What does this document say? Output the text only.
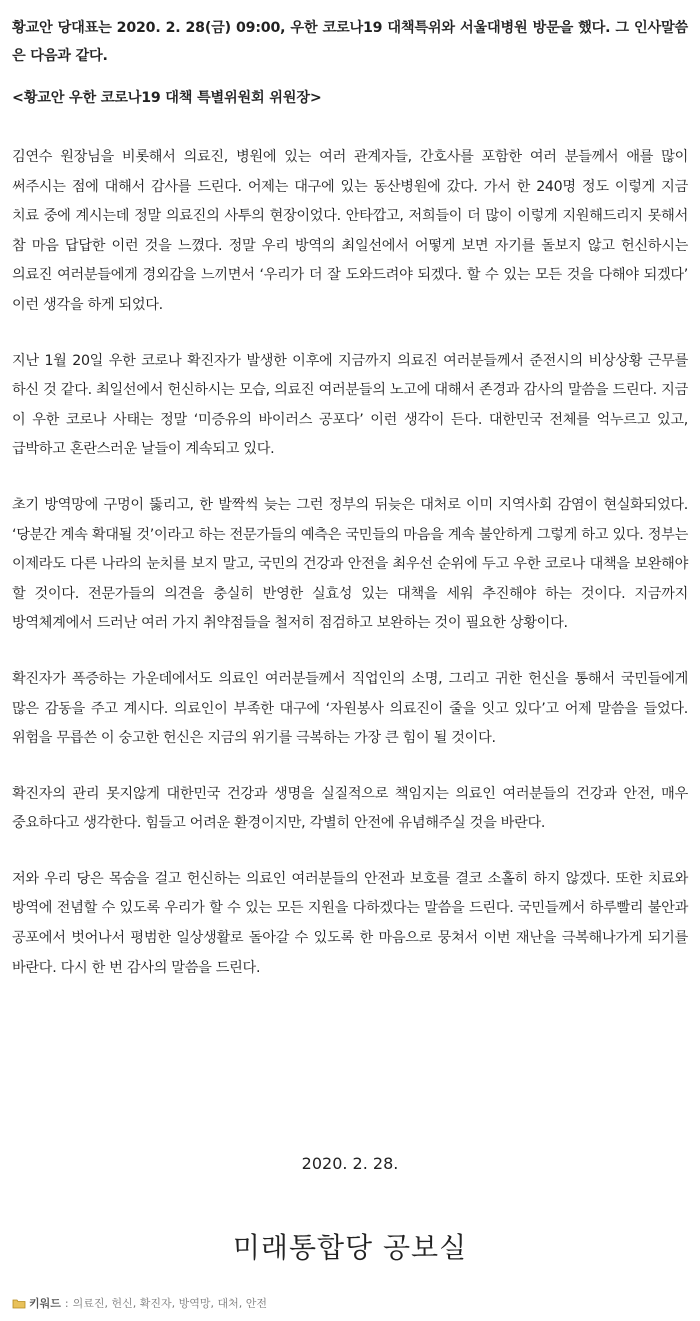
황교안 당대표는 2020. 2. 28(금) 09:00, 우한 코로나19 대책특위와 서울대병원 방문을 했다. 그 인사말씀은 다음과 같다.

<황교안 우한 코로나19 대책 특별위원회 위원장>

김연수 원장님을 비롯해서 의료진, 병원에 있는 여러 관계자들, 간호사를 포함한 여러 분들께서 애를 많이 써주시는 점에 대해서 감사를 드린다. 어제는 대구에 있는 동산병원에 갔다. 가서 한 240명 정도 이렇게 지금 치료 중에 계시는데 정말 의료진의 사투의 현장이었다. 안타깝고, 저희들이 더 많이 이렇게 지원해드리지 못해서 참 마음 답답한 이런 것을 느꼈다. 정말 우리 방역의 최일선에서 어떻게 보면 자기를 돌보지 않고 헌신하시는 의료진 여러분들에게 경외감을 느끼면서 ‘우리가 더 잘 도와드려야 되겠다. 할 수 있는 모든 것을 다해야 되겠다’ 이런 생각을 하게 되었다.

지난 1월 20일 우한 코로나 확진자가 발생한 이후에 지금까지 의료진 여러분들께서 준전시의 비상상황 근무를 하신 것 같다. 최일선에서 헌신하시는 모습, 의료진 여러분들의 노고에 대해서 존경과 감사의 말씀을 드린다. 지금 이 우한 코로나 사태는 정말 ‘미증유의 바이러스 공포다’ 이런 생각이 든다. 대한민국 전체를 억누르고 있고, 급박하고 혼란스러운 날들이 계속되고 있다.

초기 방역망에 구멍이 뚫리고, 한 발짝씩 늦는 그런 정부의 뒤늦은 대처로 이미 지역사회 감염이 현실화되었다. ‘당분간 계속 확대될 것’이라고 하는 전문가들의 예측은 국민들의 마음을 계속 불안하게 그렇게 하고 있다. 정부는 이제라도 다른 나라의 눈치를 보지 말고, 국민의 건강과 안전을 최우선 순위에 두고 우한 코로나 대책을 보완해야 할 것이다. 전문가들의 의견을 충실히 반영한 실효성 있는 대책을 세워 추진해야 하는 것이다. 지금까지 방역체계에서 드러난 여러 가지 취약점들을 철저히 점검하고 보완하는 것이 필요한 상황이다.

확진자가 폭증하는 가운데에서도 의료인 여러분들께서 직업인의 소명, 그리고 귀한 헌신을 통해서 국민들에게 많은 감동을 주고 계시다. 의료인이 부족한 대구에 ‘자원봉사 의료진이 줄을 잇고 있다’고 어제 말씀을 들었다. 위험을 무릅쓴 이 숭고한 헌신은 지금의 위기를 극복하는 가장 큰 힘이 될 것이다.

확진자의 관리 못지않게 대한민국 건강과 생명을 실질적으로 책임지는 의료인 여러분들의 건강과 안전, 매우 중요하다고 생각한다. 힘들고 어려운 환경이지만, 각별히 안전에 유념해주실 것을 바란다.

저와 우리 당은 목숨을 걸고 헌신하는 의료인 여러분들의 안전과 보호를 결코 소홀히 하지 않겠다. 또한 치료와 방역에 전념할 수 있도록 우리가 할 수 있는 모든 지원을 다하겠다는 말씀을 드린다. 국민들께서 하루빨리 불안과 공포에서 벗어나서 평범한 일상생활로 돌아갈 수 있도록 한 마음으로 뭉쳐서 이번 재난을 극복해나가게 되기를 바란다. 다시 한 번 감사의 말씀을 드린다.

2020. 2. 28.
미래통합당 공보실
키워드 : 의료진, 헌신, 확진자, 방역망, 대처, 안전
